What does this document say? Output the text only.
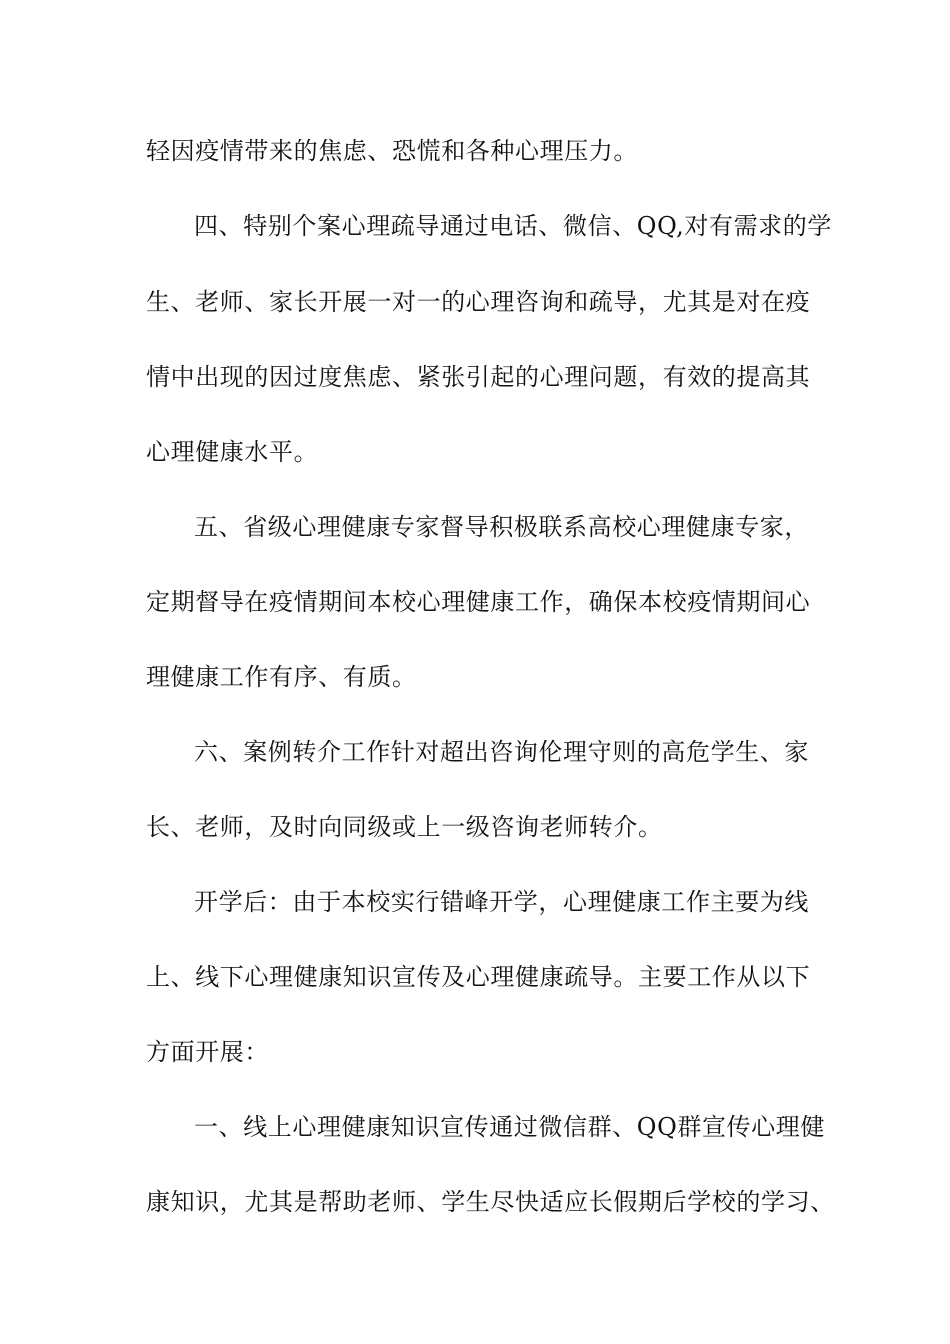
轻因疫情带来的焦虑、恐慌和各种心理压力。
四、特别个案心理疏导通过电话、微信、QQ,对有需求的学
生、老师、家长开展一对一的心理咨询和疏导，尤其是对在疫
情中出现的因过度焦虑、紧张引起的心理问题，有效的提高其
心理健康水平。
五、省级心理健康专家督导积极联系高校心理健康专家，
定期督导在疫情期间本校心理健康工作，确保本校疫情期间心
理健康工作有序、有质。
六、案例转介工作针对超出咨询伦理守则的高危学生、家
长、老师，及时向同级或上一级咨询老师转介。
开学后：由于本校实行错峰开学，心理健康工作主要为线
上、线下心理健康知识宣传及心理健康疏导。主要工作从以下
方面开展：
一、线上心理健康知识宣传通过微信群、QQ群宣传心理健
康知识，尤其是帮助老师、学生尽快适应长假期后学校的学习、
